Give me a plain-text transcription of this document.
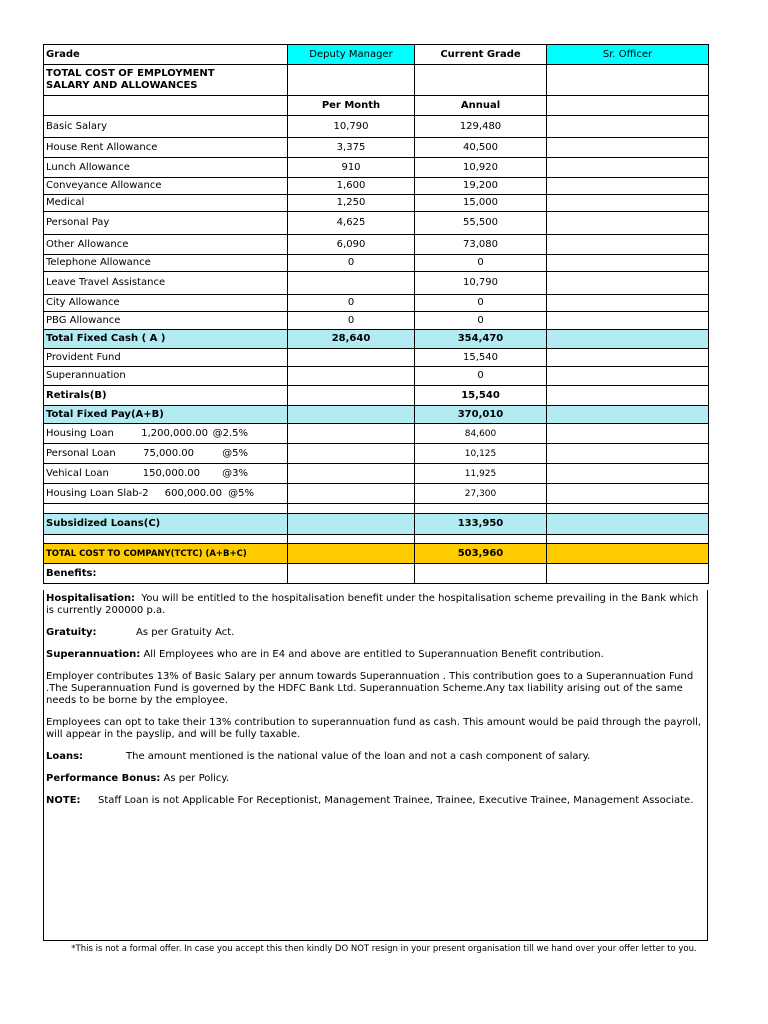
Grade	Deputy Manager	Current Grade	Sr. Officer

TOTAL COST OF EMPLOYMENT
SALARY AND ALLOWANCES			

	Per Month	Annual	
Basic Salary	10,790	129,480	
House Rent Allowance	3,375	40,500	
Lunch Allowance	910	10,920	
Conveyance Allowance	1,600	19,200	
Medical	1,250	15,000	
Personal Pay	4,625	55,500	
Other Allowance	6,090	73,080	
Telephone Allowance	0	0	
Leave Travel Assistance		10,790	
City Allowance	0	0	
PBG Allowance	0	0	
Total Fixed Cash ( A )	28,640	354,470	
Provident Fund		15,540	
Superannuation		0	
Retirals(B)		15,540	
Total Fixed Pay(A+B)		370,010	
Housing Loan 1,200,000.00 @2.5%		84,600	
Personal Loan 75,000.00 @5%		10,125	
Vehical Loan 150,000.00 @3%		11,925	
Housing Loan Slab-2 600,000.00 @5%		27,300	

Subsidized Loans(C)		133,950	

TOTAL COST TO COMPANY(TCTC) (A+B+C)		503,960	
Benefits:			

Hospitalisation: You will be entitled to the hospitalisation benefit under the hospitalisation scheme prevailing in the Bank which is currently 200000 p.a.

Gratuity:	As per Gratuity Act.

Superannuation: All Employees who are in E4 and above are entitled to Superannuation Benefit contribution.

Employer contributes 13% of Basic Salary per annum towards Superannuation . This contribution goes to a Superannuation Fund .The Superannuation Fund is governed by the HDFC Bank Ltd. Superannuation Scheme.Any tax liability arising out of the same needs to be borne by the employee.

Employees can opt to take their 13% contribution to superannuation fund as cash. This amount would be paid through the payroll, will appear in the payslip, and will be fully taxable.

Loans:	The amount mentioned is the national value of the loan and not a cash component of salary.

Performance Bonus: As per Policy.

NOTE: Staff Loan is not Applicable For Receptionist, Management Trainee, Trainee, Executive Trainee, Management Associate.

*This is not a formal offer. In case you accept this then kindly DO NOT resign in your present organisation till we hand over your offer letter to you.
